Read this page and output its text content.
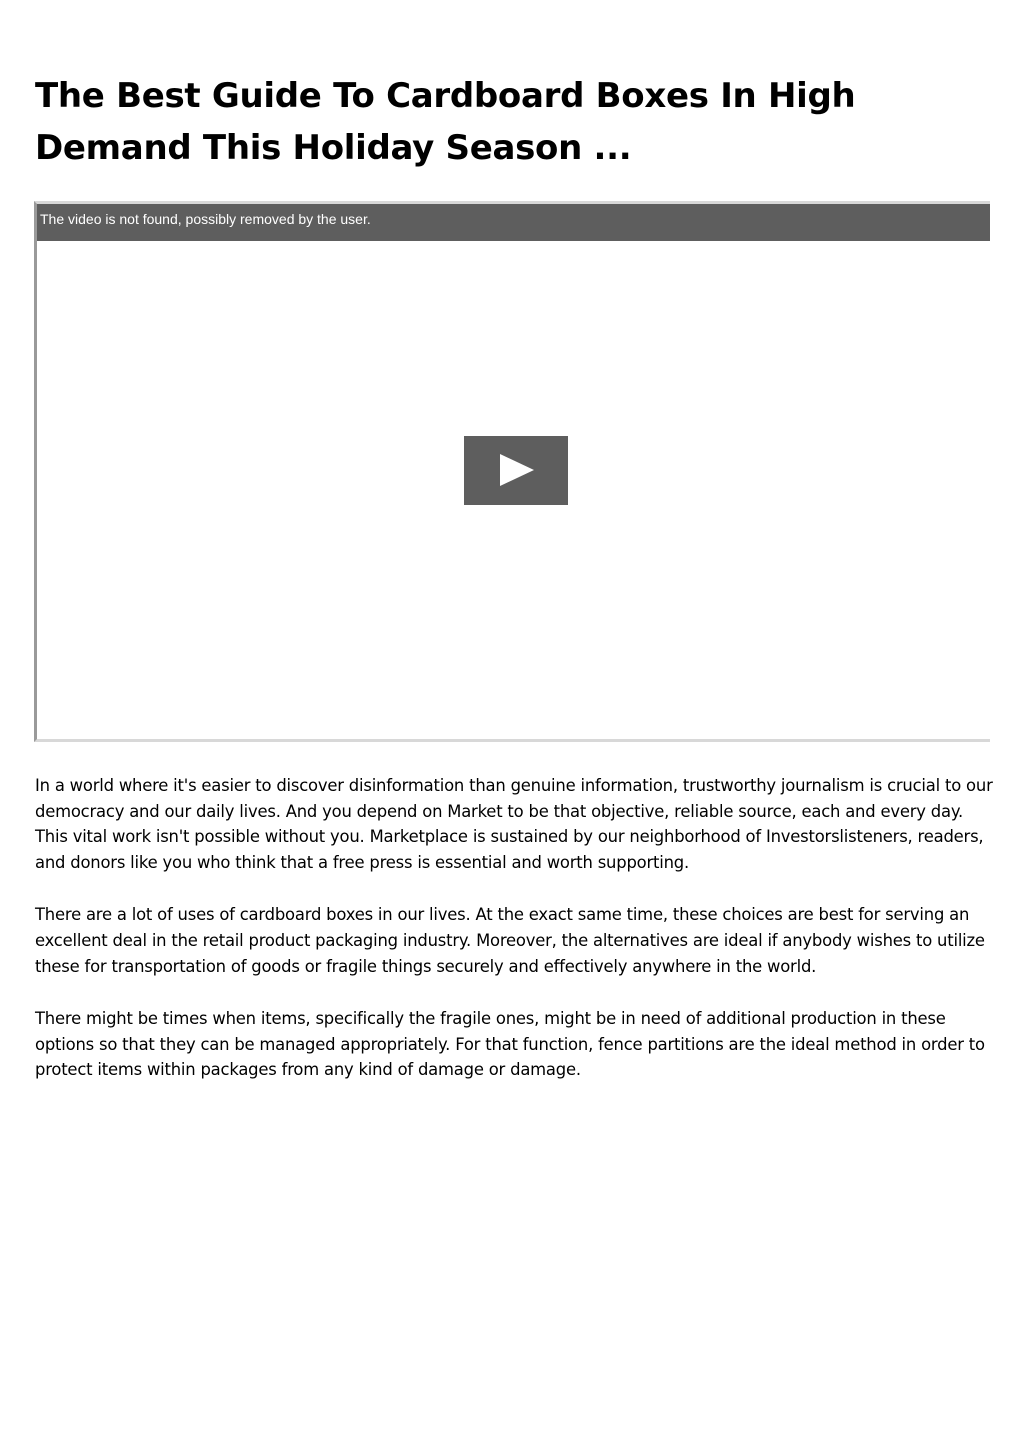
The Best Guide To Cardboard Boxes In High Demand This Holiday Season ...
The video is not found, possibly removed by the user.

In a world where it's easier to discover disinformation than genuine information, trustworthy journalism is crucial to our democracy and our daily lives. And you depend on Market to be that objective, reliable source, each and every day. This vital work isn't possible without you. Marketplace is sustained by our neighborhood of Investorslisteners, readers, and donors like you who think that a free press is essential and worth supporting.

There are a lot of uses of cardboard boxes in our lives. At the exact same time, these choices are best for serving an excellent deal in the retail product packaging industry. Moreover, the alternatives are ideal if anybody wishes to utilize these for transportation of goods or fragile things securely and effectively anywhere in the world.

There might be times when items, specifically the fragile ones, might be in need of additional production in these options so that they can be managed appropriately. For that function, fence partitions are the ideal method in order to protect items within packages from any kind of damage or damage.
